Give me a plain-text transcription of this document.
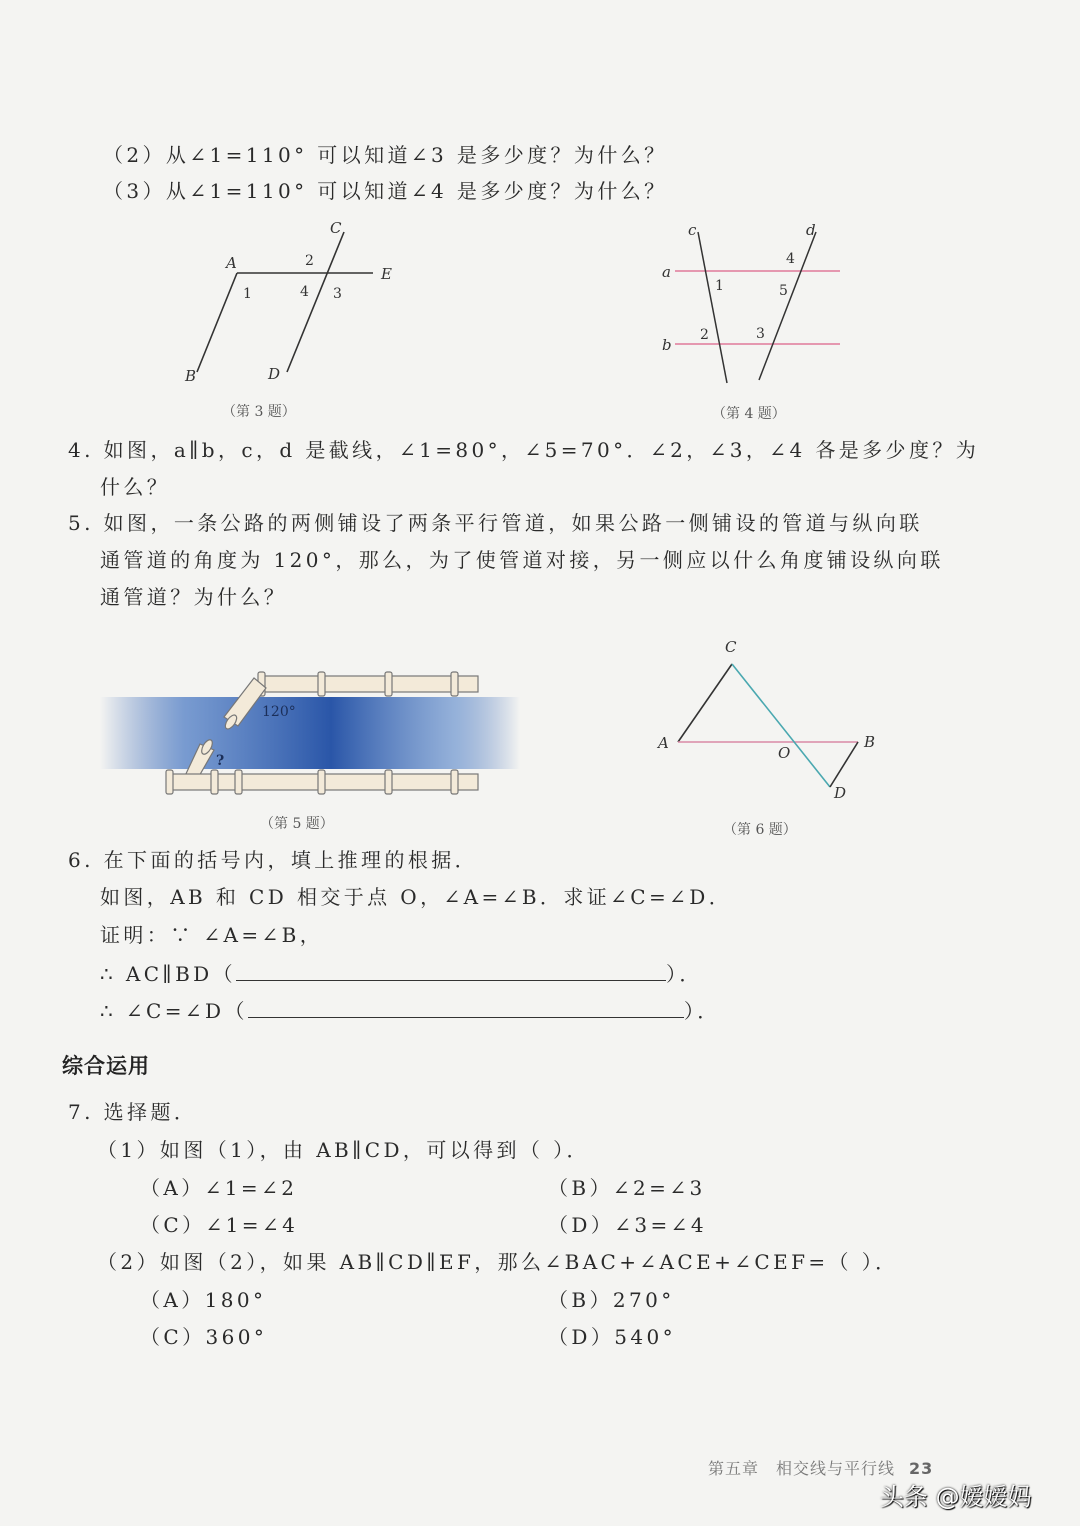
（2）从∠1=110° 可以知道∠3 是多少度？为什么？
（3）从∠1=110° 可以知道∠4 是多少度？为什么？
C
A	2
E
1	4 3
B	D
（第 3 题）
c	d
a
b
4
1	5
2	3
（第 4 题）
120°
?
（第 5 题）
C
A	B
O
D
（第 6 题）
4. 如图，a∥b，c，d 是截线，∠1=80°，∠5=70°．∠2，∠3，∠4 各是多少度？为
什么？
5. 如图，一条公路的两侧铺设了两条平行管道，如果公路一侧铺设的管道与纵向联
通管道的角度为 120°，那么，为了使管道对接，另一侧应以什么角度铺设纵向联
通管道？为什么？
6. 在下面的括号内，填上推理的根据．
如图，AB 和 CD 相交于点 O，∠A=∠B．求证∠C=∠D．
证明：∵ ∠A=∠B，
∴ AC∥BD（	）．
∴ ∠C=∠D（	）．
综合运用
7. 选择题．
（1）如图（1），由 AB∥CD，可以得到（ ）．
（A）∠1=∠2	（B）∠2=∠3
（C）∠1=∠4	（D）∠3=∠4
（2）如图（2），如果 AB∥CD∥EF，那么∠BAC+∠ACE+∠CEF=（ ）．
（A）180°	（B）270°
（C）360°	（D）540°
第五章　相交线与平行线 23
头条 @嫒嫒妈
